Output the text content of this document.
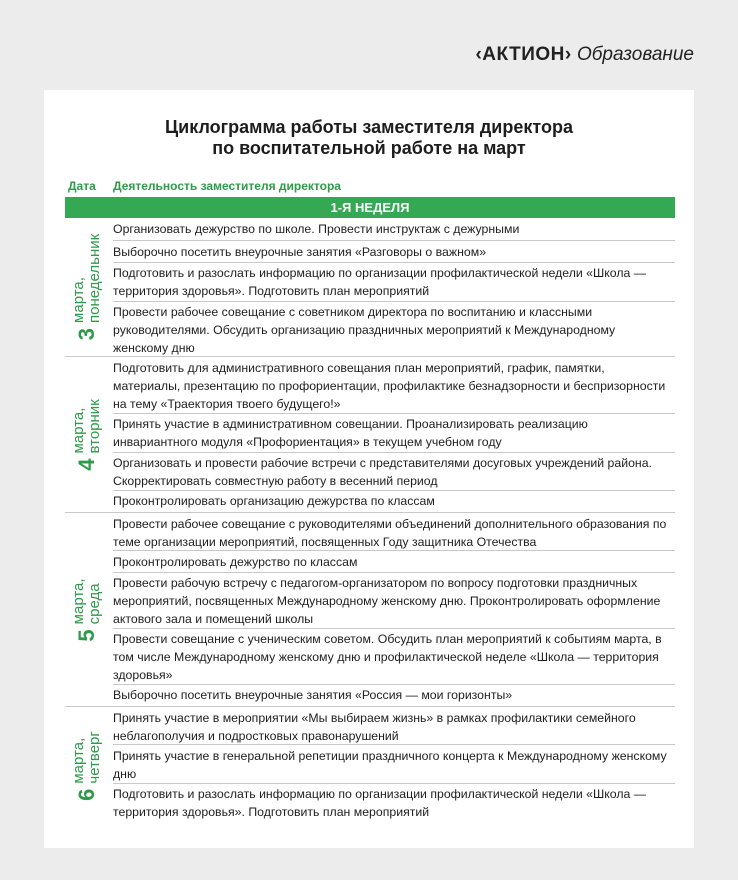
‹АКТИОН› Образование
Циклограмма работы заместителя директора
по воспитательной работе на март
Дата Деятельность заместителя директора
1-Я НЕДЕЛЯ
3
марта, понедельник
Организовать дежурство по школе. Провести инструктаж с дежурными
Выборочно посетить внеурочные занятия «Разговоры о важном»
Подготовить и разослать информацию по организации профилактической недели «Школа — территория здоровья». Подготовить план мероприятий
Провести рабочее совещание с советником директора по воспитанию и классными руководителями. Обсудить организацию праздничных мероприятий к Международному женскому дню
4
марта, вторник
Подготовить для административного совещания план мероприятий, график, памятки, материалы, презентацию по профориентации, профилактике безнадзорности и беспризорности на тему «Траектория твоего будущего!»
Принять участие в административном совещании. Проанализировать реализацию инвариантного модуля «Профориентация» в текущем учебном году
Организовать и провести рабочие встречи с представителями досуговых учреждений района. Скорректировать совместную работу в весенний период
Проконтролировать организацию дежурства по классам
5
марта, среда
Провести рабочее совещание с руководителями объединений дополнительного образования по теме организации мероприятий, посвященных Году защитника Отечества
Проконтролировать дежурство по классам
Провести рабочую встречу с педагогом-организатором по вопросу подготовки праздничных мероприятий, посвященных Международному женскому дню. Проконтролировать оформление актового зала и помещений школы
Провести совещание с ученическим советом. Обсудить план мероприятий к событиям марта, в том числе Международному женскому дню и профилактической неделе «Школа — территория здоровья»
Выборочно посетить внеурочные занятия «Россия — мои горизонты»
6
марта, четверг
Принять участие в мероприятии «Мы выбираем жизнь» в рамках профилактики семейного неблагополучия и подростковых правонарушений
Принять участие в генеральной репетиции праздничного концерта к Международному женскому дню
Подготовить и разослать информацию по организации профилактической недели «Школа — территория здоровья». Подготовить план мероприятий
